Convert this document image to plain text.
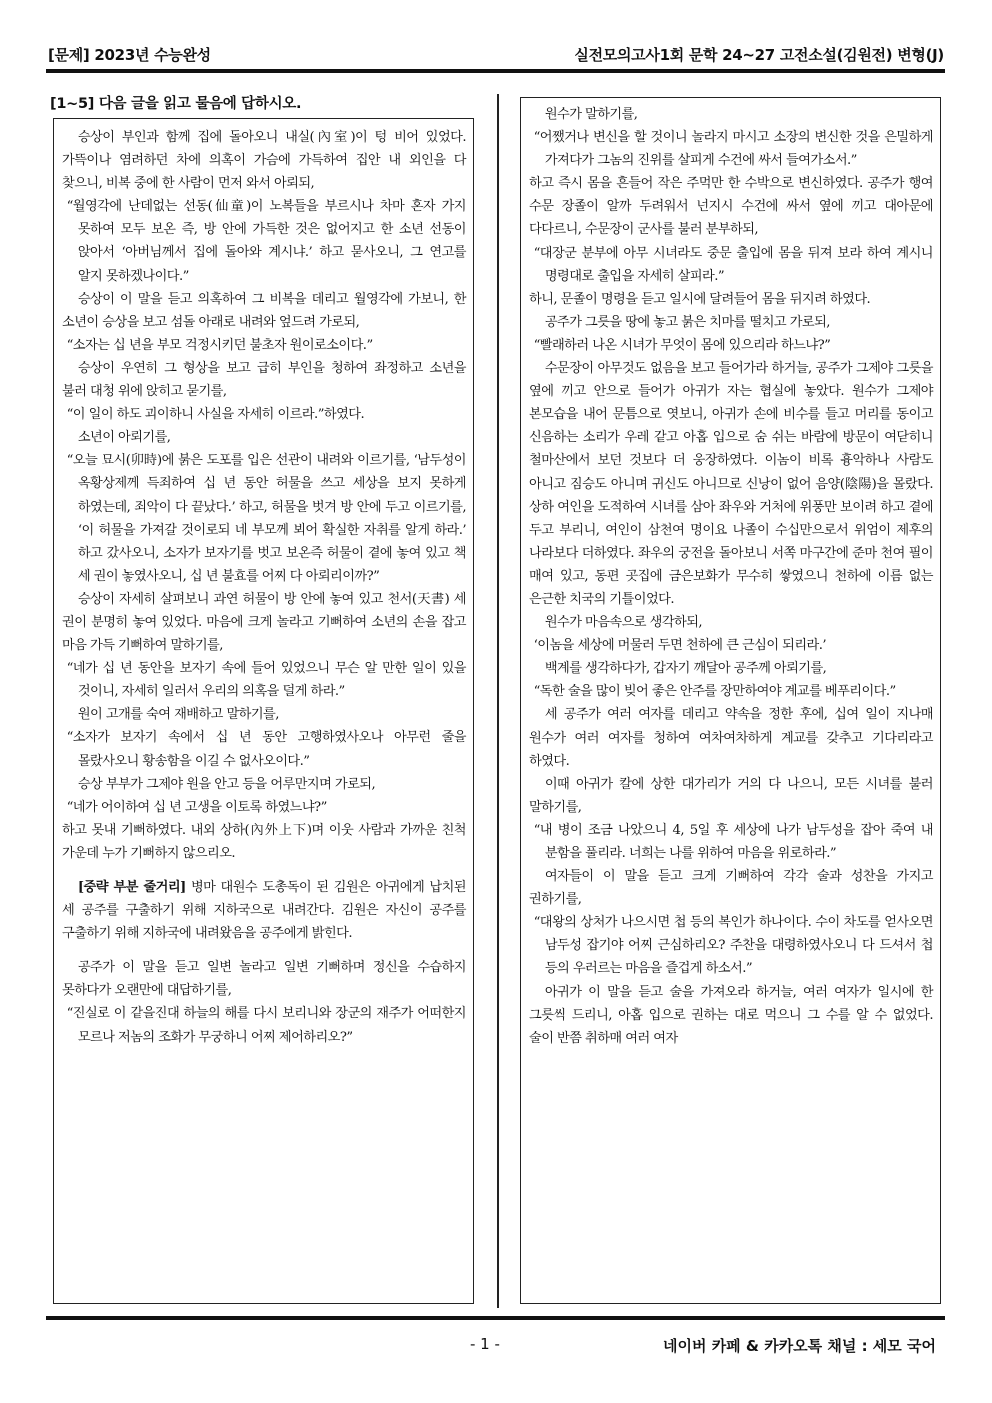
[문제] 2023년 수능완성	실전모의고사1회 문학 24~27 고전소설(김원전) 변형(J)
[1~5] 다음 글을 읽고 물음에 답하시오.

승상이 부인과 함께 집에 돌아오니 내실(內室)이 텅 비어 있었다. 가뜩이나 염려하던 차에 의혹이 가슴에 가득하여 집안 내 외인을 다 찾으니, 비복 중에 한 사람이 먼저 와서 아뢰되,

“월영각에 난데없는 선동(仙童)이 노복들을 부르시나 차마 혼자 가지 못하여 모두 보온 즉, 방 안에 가득한 것은 없어지고 한 소년 선동이 앉아서 ‘아버님께서 집에 돌아와 계시냐.’ 하고 묻사오니, 그 연고를 알지 못하겠나이다.”

승상이 이 말을 듣고 의혹하여 그 비복을 데리고 월영각에 가보니, 한 소년이 승상을 보고 섬돌 아래로 내려와 엎드려 가로되,

“소자는 십 년을 부모 걱정시키던 불초자 원이로소이다.”

승상이 우연히 그 형상을 보고 급히 부인을 청하여 좌정하고 소년을 불러 대청 위에 앉히고 묻기를,

“이 일이 하도 괴이하니 사실을 자세히 이르라.”하였다.

소년이 아뢰기를,

“오늘 묘시(卯時)에 붉은 도포를 입은 선관이 내려와 이르기를, ‘남두성이 옥황상제께 득죄하여 십 년 동안 허물을 쓰고 세상을 보지 못하게 하였는데, 죄악이 다 끝났다.’ 하고, 허물을 벗겨 방 안에 두고 이르기를, ‘이 허물을 가져갈 것이로되 네 부모께 뵈어 확실한 자취를 알게 하라.’ 하고 갔사오니, 소자가 보자기를 벗고 보온즉 허물이 곁에 놓여 있고 책 세 권이 놓였사오니, 십 년 불효를 어찌 다 아뢰리이까?”

승상이 자세히 살펴보니 과연 허물이 방 안에 놓여 있고 천서(天書) 세 권이 분명히 놓여 있었다. 마음에 크게 놀라고 기뻐하여 소년의 손을 잡고 마음 가득 기뻐하여 말하기를,

“네가 십 년 동안을 보자기 속에 들어 있었으니 무슨 알 만한 일이 있을 것이니, 자세히 일러서 우리의 의혹을 덜게 하라.”

원이 고개를 숙여 재배하고 말하기를,

“소자가 보자기 속에서 십 년 동안 고행하였사오나 아무런 줄을 몰랐사오니 황송함을 이길 수 없사오이다.”

승상 부부가 그제야 원을 안고 등을 어루만지며 가로되,

“네가 어이하여 십 년 고생을 이토록 하였느냐?”

하고 못내 기뻐하였다. 내외 상하(內外上下)며 이웃 사람과 가까운 친척 가운데 누가 기뻐하지 않으리오.

[중략 부분 줄거리] 병마 대원수 도총독이 된 김원은 아귀에게 납치된 세 공주를 구출하기 위해 지하국으로 내려간다. 김원은 자신이 공주를 구출하기 위해 지하국에 내려왔음을 공주에게 밝힌다.

공주가 이 말을 듣고 일변 놀라고 일변 기뻐하며 정신을 수습하지 못하다가 오랜만에 대답하기를,

“진실로 이 같을진대 하늘의 해를 다시 보리니와 장군의 재주가 어떠한지 모르나 저놈의 조화가 무궁하니 어찌 제어하리오?”

원수가 말하기를,

“어쨌거나 변신을 할 것이니 놀라지 마시고 소장의 변신한 것을 은밀하게 가져다가 그놈의 진위를 살피게 수건에 싸서 들여가소서.”

하고 즉시 몸을 흔들어 작은 주먹만 한 수박으로 변신하였다. 공주가 행여 수문 장졸이 알까 두려워서 넌지시 수건에 싸서 옆에 끼고 대아문에 다다르니, 수문장이 군사를 불러 분부하되,

“대장군 분부에 아무 시녀라도 중문 출입에 몸을 뒤져 보라 하여 계시니 명령대로 출입을 자세히 살피라.”

하니, 문졸이 명령을 듣고 일시에 달려들어 몸을 뒤지려 하였다.

공주가 그릇을 땅에 놓고 붉은 치마를 떨치고 가로되,

“빨래하러 나온 시녀가 무엇이 몸에 있으리라 하느냐?”

수문장이 아무것도 없음을 보고 들어가라 하거늘, 공주가 그제야 그릇을 옆에 끼고 안으로 들어가 아귀가 자는 협실에 놓았다. 원수가 그제야 본모습을 내어 문틈으로 엿보니, 아귀가 손에 비수를 들고 머리를 동이고 신음하는 소리가 우레 같고 아홉 입으로 숨 쉬는 바람에 방문이 여닫히니 철마산에서 보던 것보다 더 웅장하였다. 이놈이 비록 흉악하나 사람도 아니고 짐승도 아니며 귀신도 아니므로 신낭이 없어 음양(陰陽)을 몰랐다. 상하 여인을 도적하여 시녀를 삼아 좌우와 거처에 위풍만 보이려 하고 곁에 두고 부리니, 여인이 삼천여 명이요 나졸이 수십만으로서 위엄이 제후의 나라보다 더하였다. 좌우의 궁전을 돌아보니 서쪽 마구간에 준마 천여 필이 매여 있고, 동편 곳집에 금은보화가 무수히 쌓였으니 천하에 이름 없는 은근한 치국의 기틀이었다.

원수가 마음속으로 생각하되,

‘이놈을 세상에 머물러 두면 천하에 큰 근심이 되리라.’

백계를 생각하다가, 갑자기 깨달아 공주께 아뢰기를,

“독한 술을 많이 빚어 좋은 안주를 장만하여야 계교를 베푸리이다.”

세 공주가 여러 여자를 데리고 약속을 정한 후에, 십여 일이 지나매 원수가 여러 여자를 청하여 여차여차하게 계교를 갖추고 기다리라고 하였다.

이때 아귀가 칼에 상한 대가리가 거의 다 나으니, 모든 시녀를 불러 말하기를,

“내 병이 조금 나았으니 4, 5일 후 세상에 나가 남두성을 잡아 죽여 내 분함을 풀리라. 너희는 나를 위하여 마음을 위로하라.”

여자들이 이 말을 듣고 크게 기뻐하여 각각 술과 성찬을 가지고 권하기를,

“대왕의 상처가 나으시면 첩 등의 복인가 하나이다. 수이 차도를 얻사오면 남두성 잡기야 어찌 근심하리오? 주찬을 대령하였사오니 다 드셔서 첩 등의 우러르는 마음을 즐겁게 하소서.”

아귀가 이 말을 듣고 술을 가져오라 하거늘, 여러 여자가 일시에 한 그릇씩 드리니, 아홉 입으로 권하는 대로 먹으니 그 수를 알 수 없었다. 술이 반쯤 취하매 여러 여자

- 1 -	네이버 카페 & 카카오톡 채널 : 세모 국어
